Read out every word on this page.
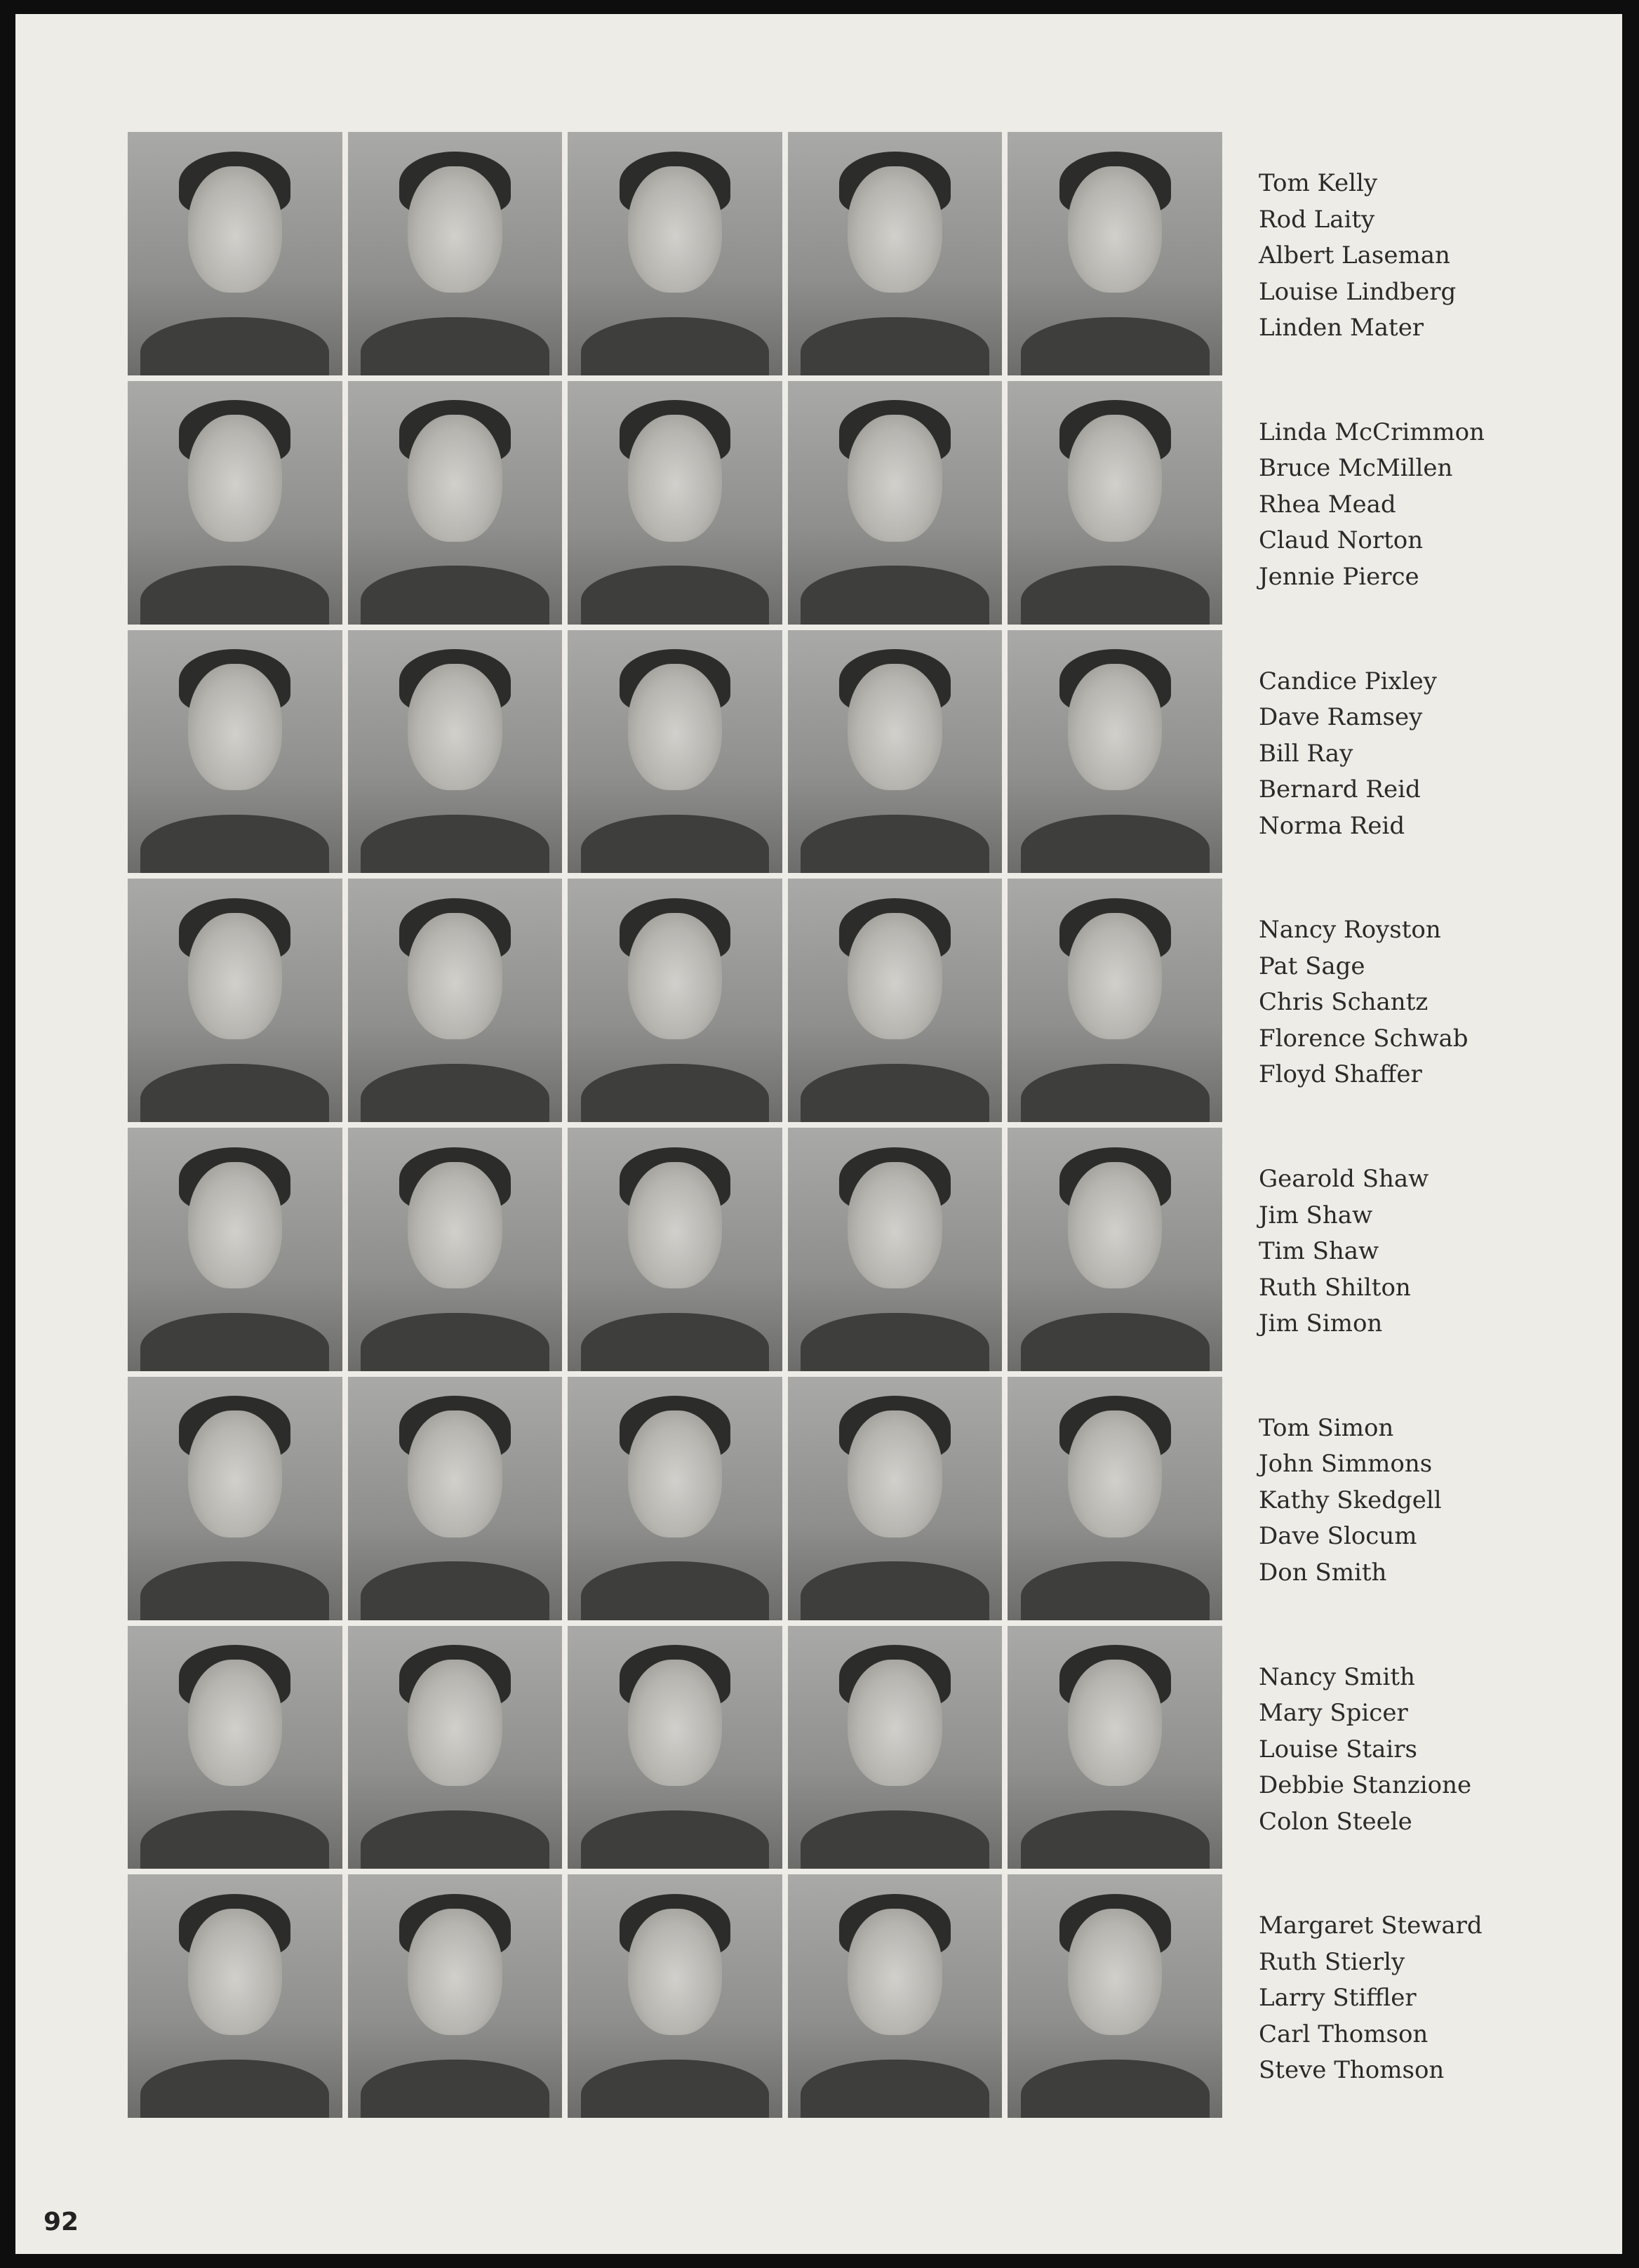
Tom Kelly
Rod Laity
Albert Laseman
Louise Lindberg
Linden Mater
Linda McCrimmon
Bruce McMillen
Rhea Mead
Claud Norton
Jennie Pierce
Candice Pixley
Dave Ramsey
Bill Ray
Bernard Reid
Norma Reid
Nancy Royston
Pat Sage
Chris Schantz
Florence Schwab
Floyd Shaffer
Gearold Shaw
Jim Shaw
Tim Shaw
Ruth Shilton
Jim Simon
Tom Simon
John Simmons
Kathy Skedgell
Dave Slocum
Don Smith
Nancy Smith
Mary Spicer
Louise Stairs
Debbie Stanzione
Colon Steele
Margaret Steward
Ruth Stierly
Larry Stiffler
Carl Thomson
Steve Thomson
92
